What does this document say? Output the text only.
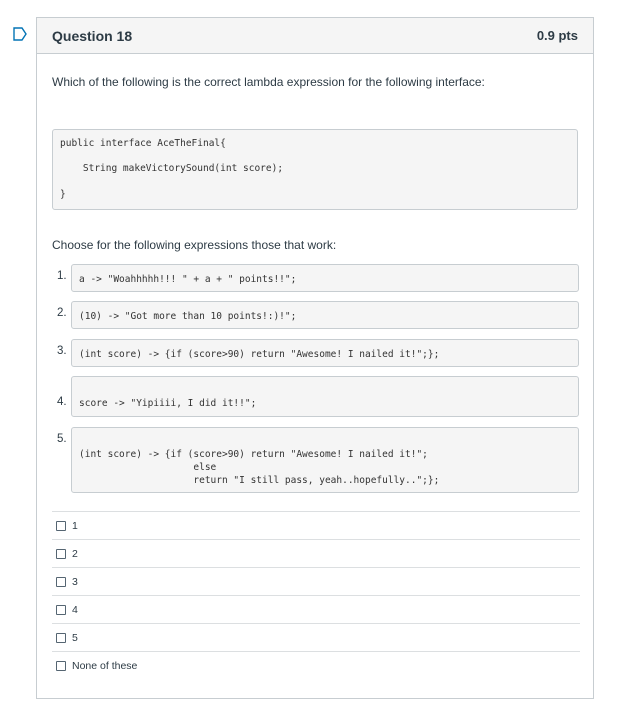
Question 18	0.9 pts
Which of the following is the correct lambda expression for the following interface:
public interface AceTheFinal{
String makeVictorySound(int score);
}
Choose for the following expressions those that work:
1. a -> "Woahhhhh!!! " + a + " points!!";
2. (10) -> "Got more than 10 points!:)!";
3. (int score) -> {if (score>90) return "Awesome! I nailed it!";};
4. score -> "Yipiiii, I did it!!";
5.
(int score) -> {if (score>90) return "Awesome! I nailed it!";
else
return "I still pass, yeah..hopefully..";};
1
2
3
4
5
None of these
